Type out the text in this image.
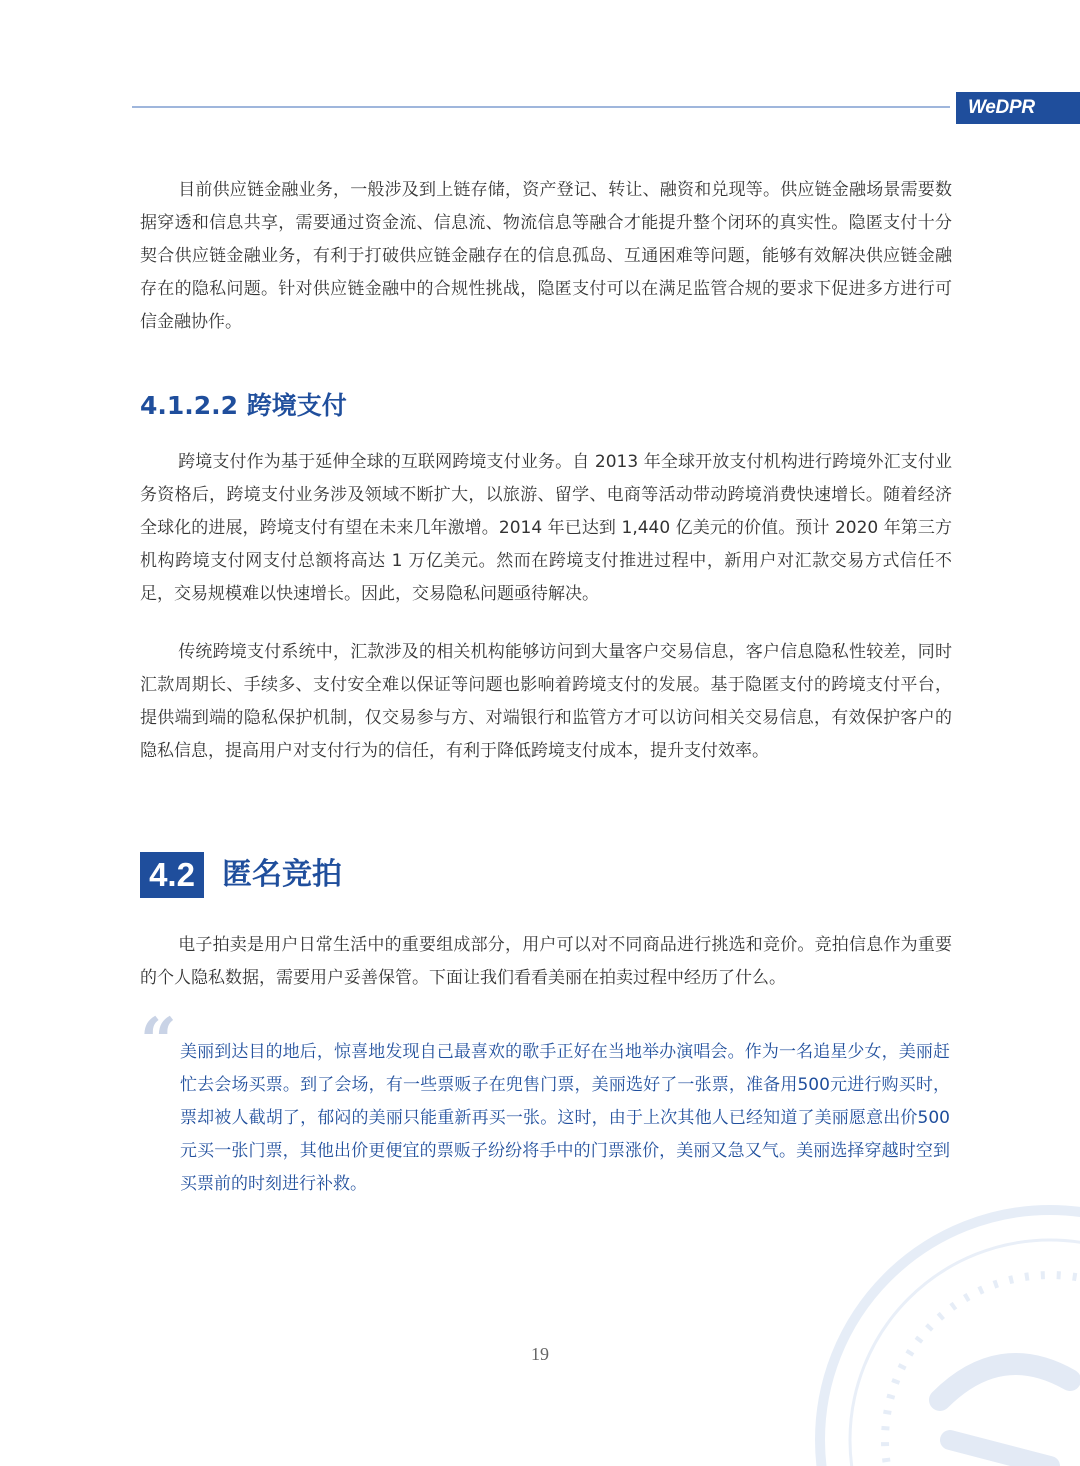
WeDPR

目前供应链金融业务，一般涉及到上链存储，资产登记、转让、融资和兑现等。供应链金融场景需要数据穿透和信息共享，需要通过资金流、信息流、物流信息等融合才能提升整个闭环的真实性。隐匿支付十分契合供应链金融业务，有利于打破供应链金融存在的信息孤岛、互通困难等问题，能够有效解决供应链金融存在的隐私问题。针对供应链金融中的合规性挑战，隐匿支付可以在满足监管合规的要求下促进多方进行可信金融协作。

4.1.2.2 跨境支付

跨境支付作为基于延伸全球的互联网跨境支付业务。自 2013 年全球开放支付机构进行跨境外汇支付业务资格后，跨境支付业务涉及领域不断扩大，以旅游、留学、电商等活动带动跨境消费快速增长。随着经济全球化的进展，跨境支付有望在未来几年激增。2014 年已达到 1,440 亿美元的价值。预计 2020 年第三方机构跨境支付网支付总额将高达 1 万亿美元。然而在跨境支付推进过程中，新用户对汇款交易方式信任不足，交易规模难以快速增长。因此，交易隐私问题亟待解决。

传统跨境支付系统中，汇款涉及的相关机构能够访问到大量客户交易信息，客户信息隐私性较差，同时汇款周期长、手续多、支付安全难以保证等问题也影响着跨境支付的发展。基于隐匿支付的跨境支付平台，提供端到端的隐私保护机制，仅交易参与方、对端银行和监管方才可以访问相关交易信息，有效保护客户的隐私信息，提高用户对支付行为的信任，有利于降低跨境支付成本，提升支付效率。

4.2 匿名竞拍

电子拍卖是用户日常生活中的重要组成部分，用户可以对不同商品进行挑选和竞价。竞拍信息作为重要的个人隐私数据，需要用户妥善保管。下面让我们看看美丽在拍卖过程中经历了什么。

“ 美丽到达目的地后，惊喜地发现自己最喜欢的歌手正好在当地举办演唱会。作为一名追星少女，美丽赶忙去会场买票。到了会场，有一些票贩子在兜售门票，美丽选好了一张票，准备用500元进行购买时，票却被人截胡了，郁闷的美丽只能重新再买一张。这时，由于上次其他人已经知道了美丽愿意出价500元买一张门票，其他出价更便宜的票贩子纷纷将手中的门票涨价，美丽又急又气。美丽选择穿越时空到买票前的时刻进行补救。

19
